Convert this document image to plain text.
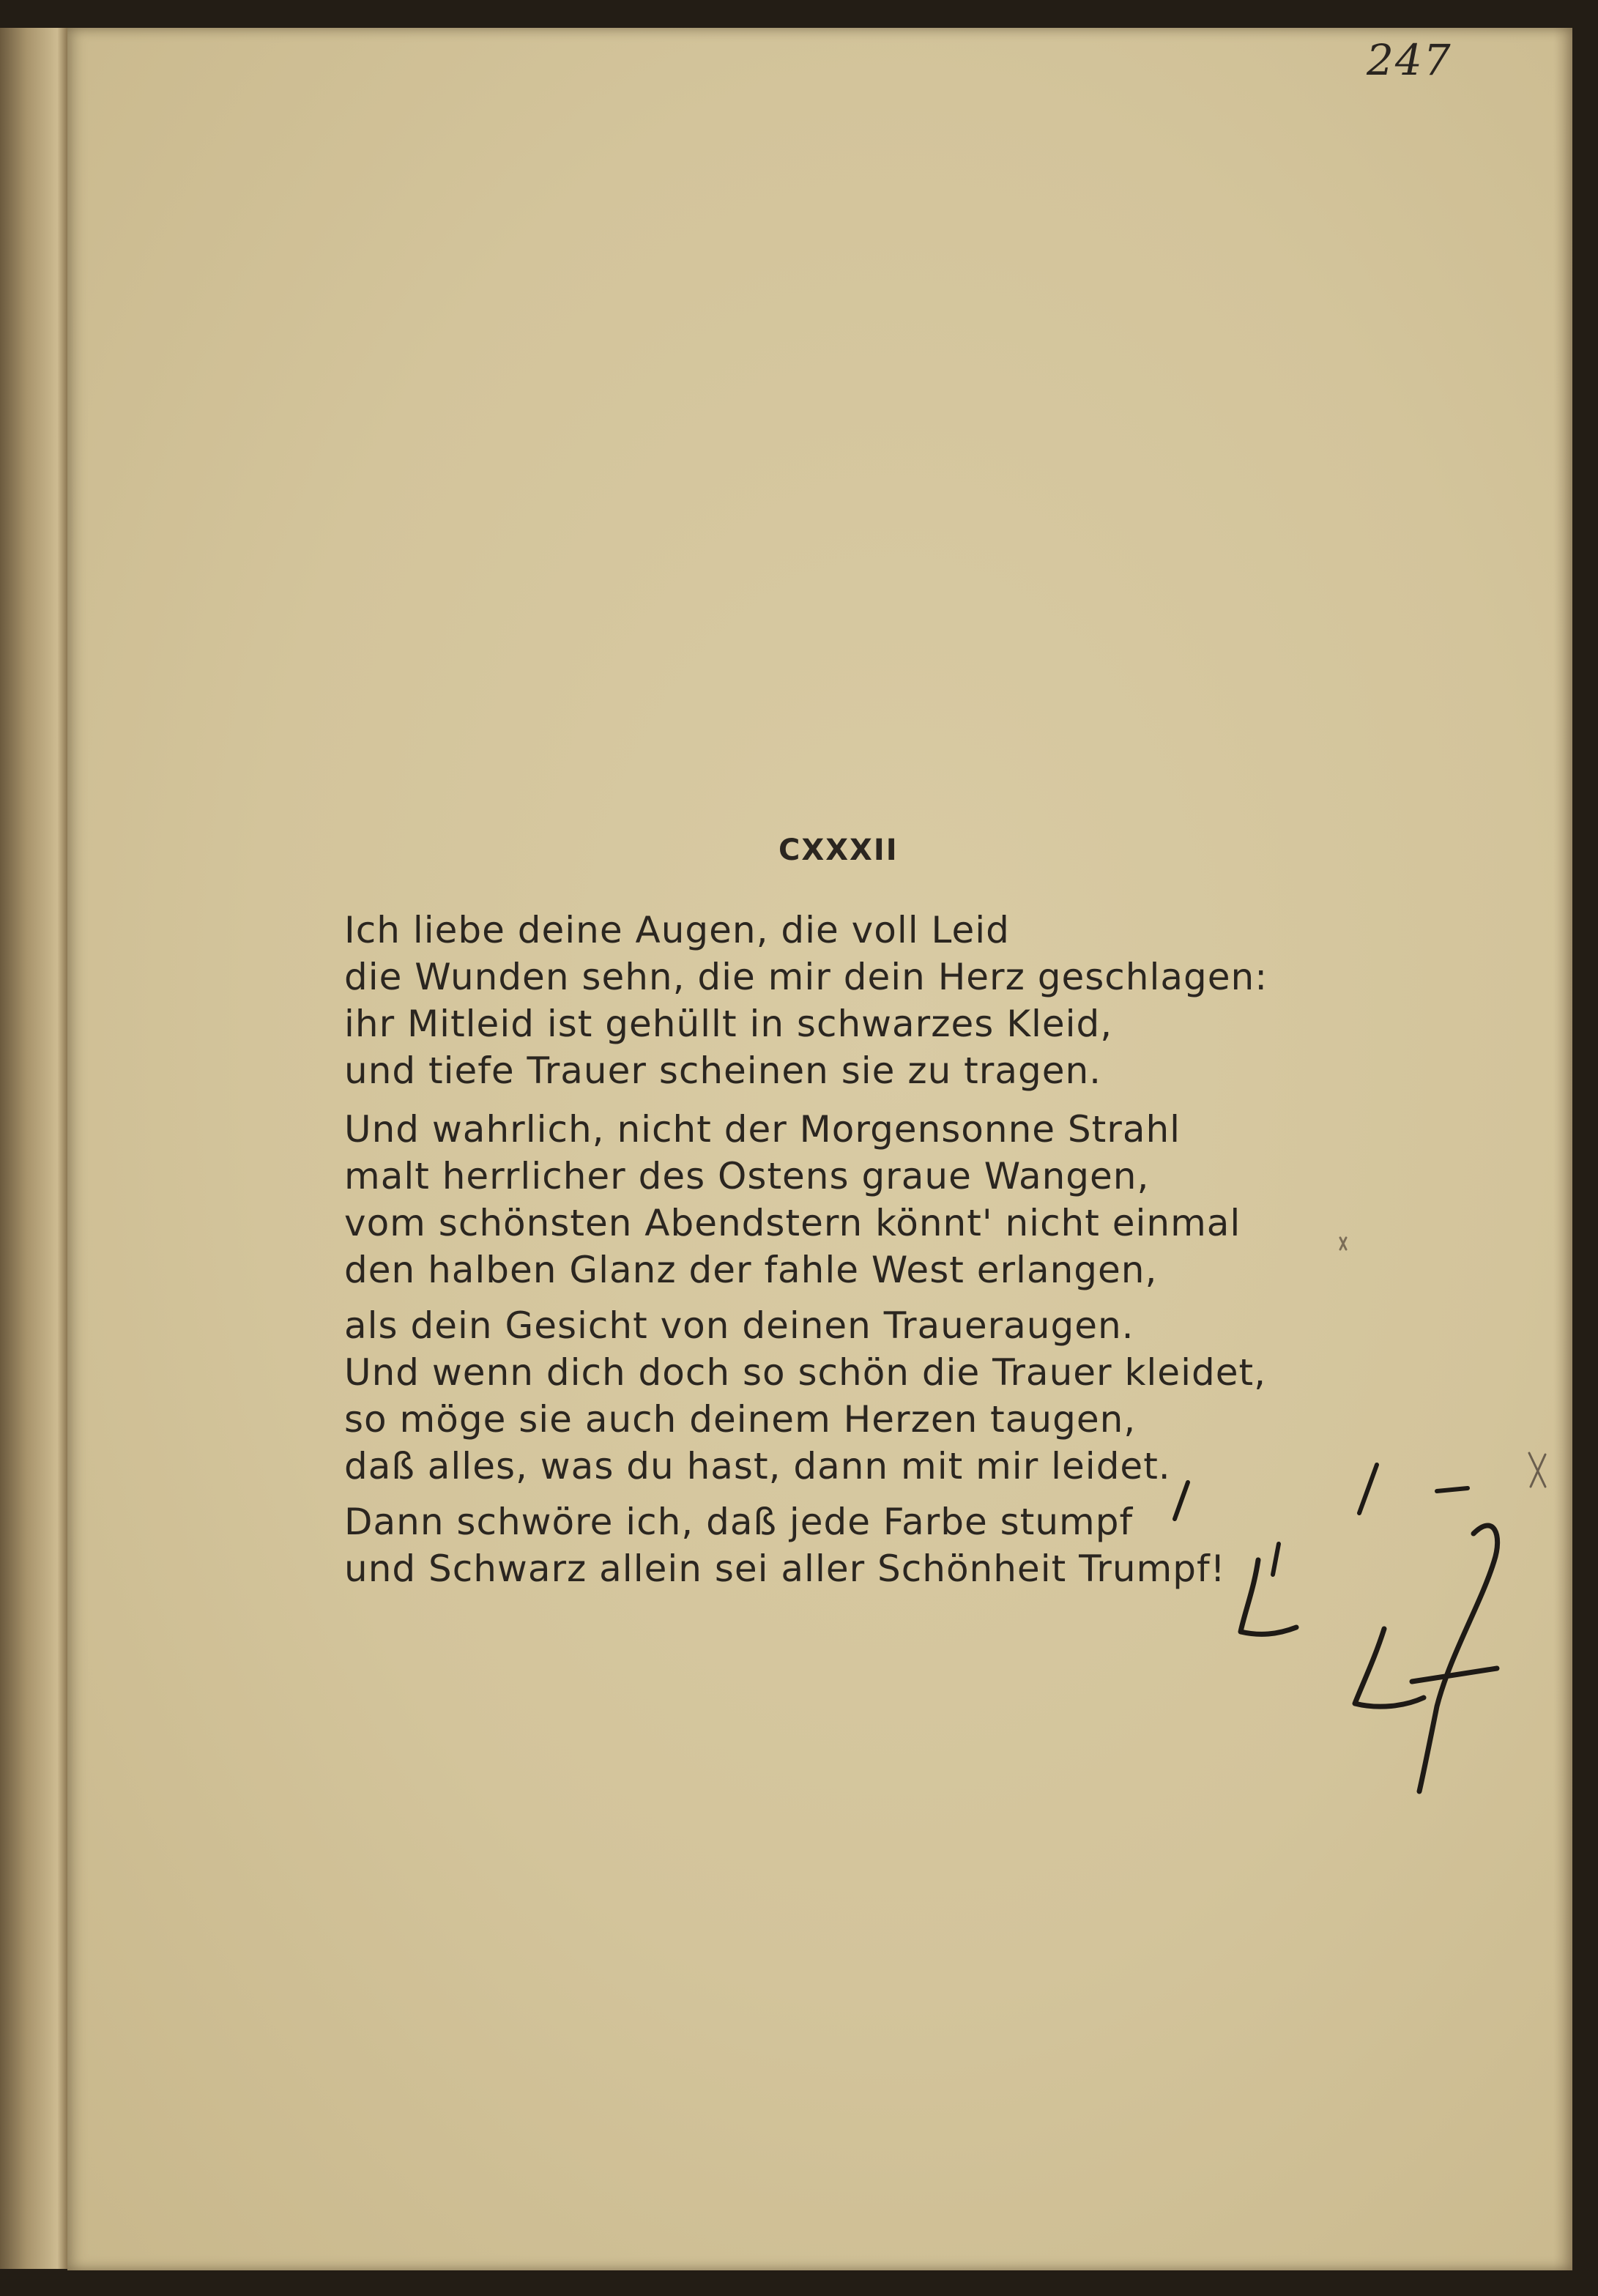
247
CXXXII
Ich liebe deine Augen, die voll Leid
die Wunden sehn, die mir dein Herz geschlagen:
ihr Mitleid ist gehüllt in schwarzes Kleid,
und tiefe Trauer scheinen sie zu tragen.
Und wahrlich, nicht der Morgensonne Strahl
malt herrlicher des Ostens graue Wangen,
vom schönsten Abendstern könnt' nicht einmal
den halben Glanz der fahle West erlangen,
als dein Gesicht von deinen Traueraugen.
Und wenn dich doch so schön die Trauer kleidet,
so möge sie auch deinem Herzen taugen,
daß alles, was du hast, dann mit mir leidet.
Dann schwöre ich, daß jede Farbe stumpf
und Schwarz allein sei aller Schönheit Trumpf!
